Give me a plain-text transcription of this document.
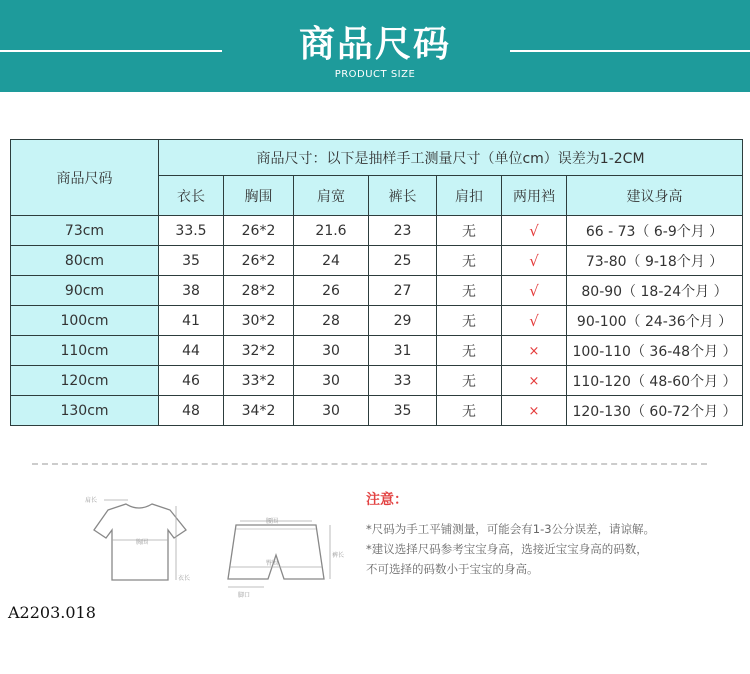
商品尺码
PRODUCT SIZE
商品尺码	商品尺寸：以下是抽样手工测量尺寸（单位cm）误差为1-2CM						
	衣长	胸围	肩宽	裤长	肩扣	两用裆	建议身高
73cm	33.5	26*2	21.6	23	无	√	66 - 73（ 6-9个月 ）
80cm	35	26*2	24	25	无	√	73-80（ 9-18个月 ）
90cm	38	28*2	26	27	无	√	80-90（ 18-24个月 ）
100cm	41	30*2	28	29	无	√	90-100（ 24-36个月 ）
110cm	44	32*2	30	31	无	×	100-110（ 36-48个月 ）
120cm	46	33*2	30	33	无	×	110-120（ 48-60个月 ）
130cm	48	34*2	30	35	无	×	120-130（ 60-72个月 ）
肩长
胸围
衣长
腰围
臀围
裤长
脚口
注意：
*尺码为手工平铺测量，可能会有1-3公分误差，请谅解。
*建议选择尺码参考宝宝身高，选接近宝宝身高的码数，
不可选择的码数小于宝宝的身高。
A2203.018
